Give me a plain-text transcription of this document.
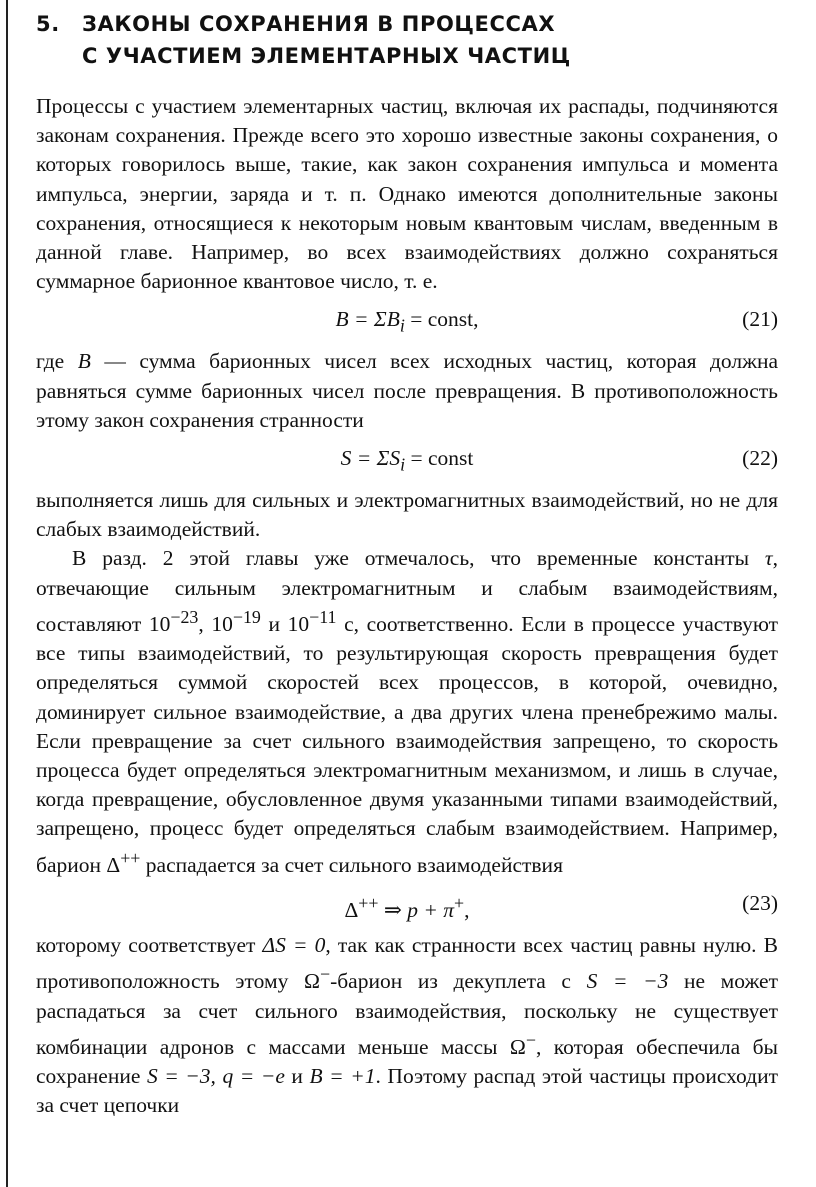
5. ЗАКОНЫ СОХРАНЕНИЯ В ПРОЦЕССАХ
С УЧАСТИЕМ ЭЛЕМЕНТАРНЫХ ЧАСТИЦ

Процессы с участием элементарных частиц, включая их распады, подчиняются законам сохранения. Прежде всего это хорошо известные законы сохранения, о которых говорилось выше, такие, как закон сохранения импульса и момента импульса, энергии, заряда и т. п. Однако имеются дополнительные законы сохранения, относящиеся к некоторым новым квантовым числам, введенным в данной главе. Например, во всех взаимодействиях должно сохраняться суммарное барионное квантовое число, т. е.

$B = \Sigma B_i$ = const,	(21)

где B — сумма барионных чисел всех исходных частиц, которая должна равняться сумме барионных чисел после превращения. В противоположность этому закон сохранения странности

$S = \Sigma S_i$ = const	(22)

выполняется лишь для сильных и электромагнитных взаимодействий, но не для слабых взаимодействий.

В разд. 2 этой главы уже отмечалось, что временные константы τ, отвечающие сильным электромагнитным и слабым взаимодействиям, составляют $10^{-23}$, $10^{-19}$ и $10^{-11}$ с, соответственно. Если в процессе участвуют все типы взаимодействий, то результирующая скорость превращения будет определяться суммой скоростей всех процессов, в которой, очевидно, доминирует сильное взаимодействие, а два других члена пренебрежимо малы. Если превращение за счет сильного взаимодействия запрещено, то скорость процесса будет определяться электромагнитным механизмом, и лишь в случае, когда превращение, обусловленное двумя указанными типами взаимодействий, запрещено, процесс будет определяться слабым взаимодействием. Например, барион Δ++ распадается за счет сильного взаимодействия

Δ++ ⇒ p + π+,	(23)

которому соответствует ΔS = 0, так как странности всех частиц равны нулю. В противоположность этому Ω−-барион из декуплета с S = −3 не может распадаться за счет сильного взаимодействия, поскольку не существует комбинации адронов с массами меньше массы Ω−, которая обеспечила бы сохранение S = −3, q = −e и B = +1. Поэтому распад этой частицы происходит за счет цепочки
